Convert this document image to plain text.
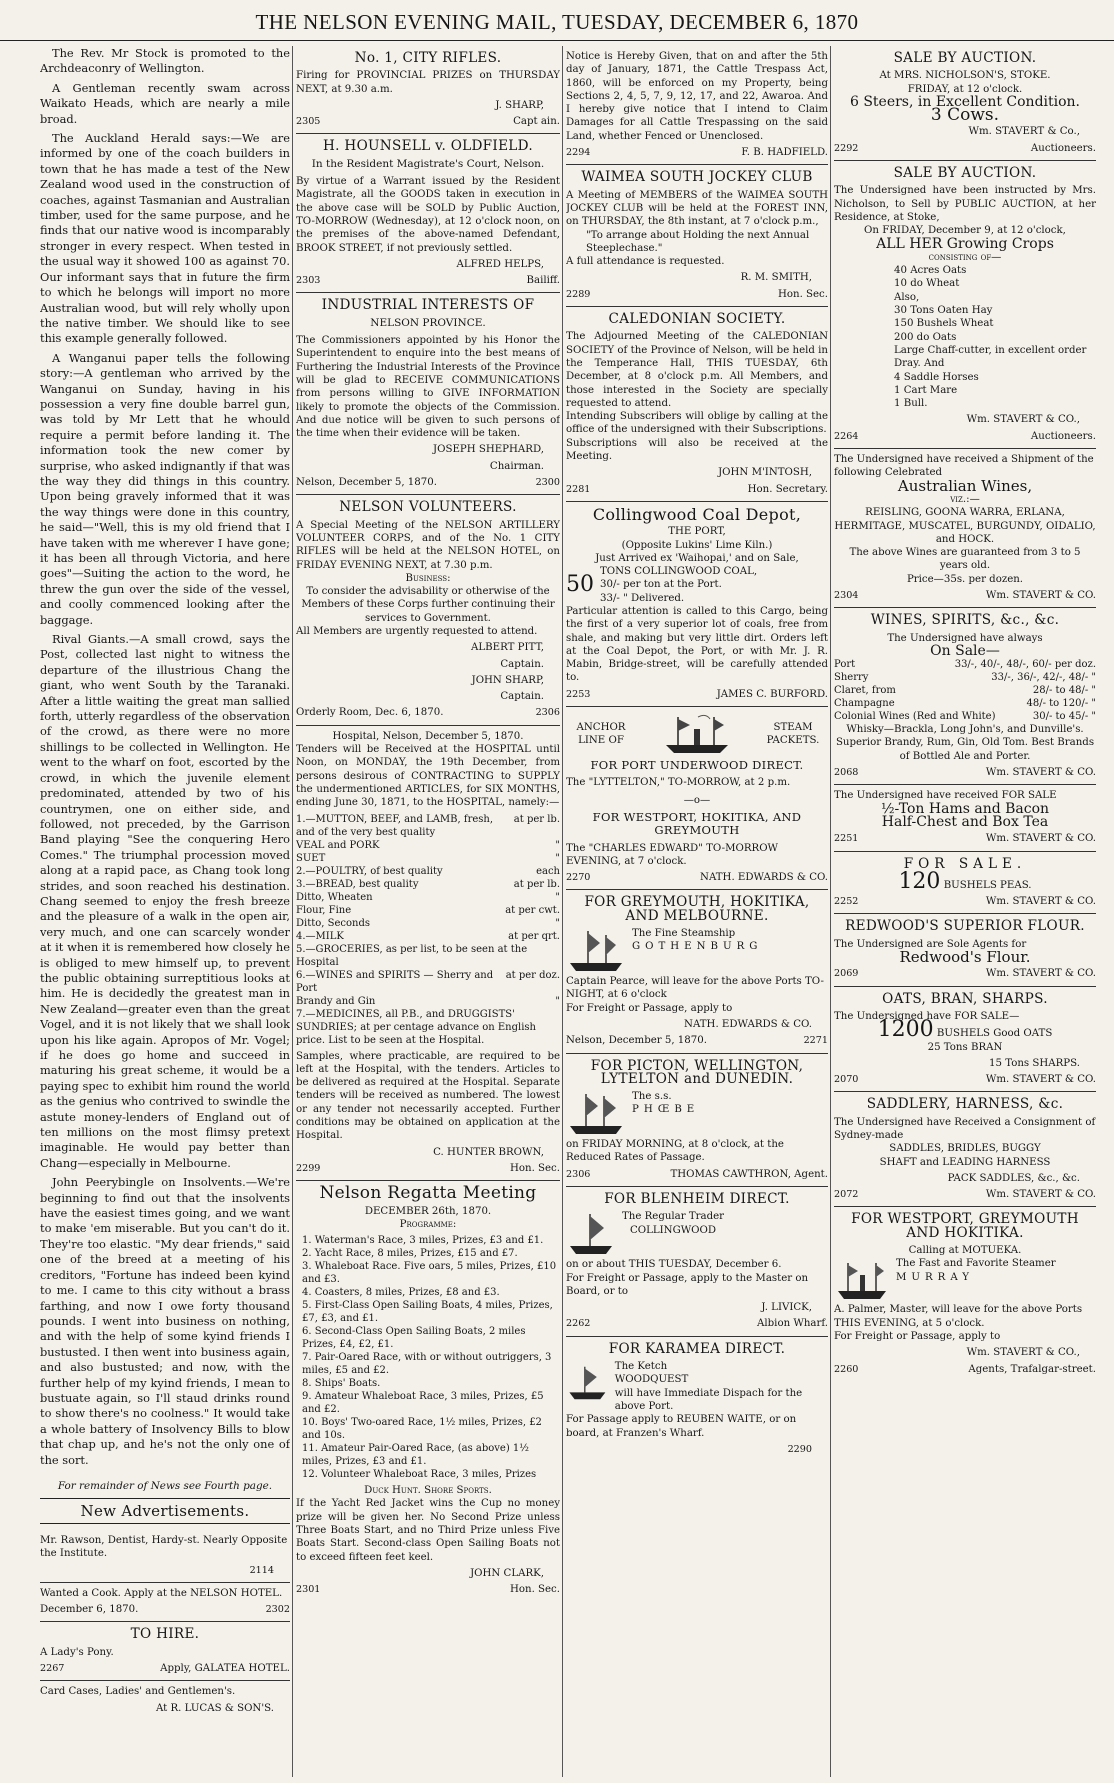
THE NELSON EVENING MAIL, TUESDAY, DECEMBER 6, 1870

The Rev. Mr Stock is promoted to the Archdeaconry of Wellington.

A Gentleman recently swam across Waikato Heads, which are nearly a mile broad.

The Auckland Herald says:—We are informed by one of the coach builders in town that he has made a test of the New Zealand wood used in the construction of coaches, against Tasmanian and Australian timber, used for the same purpose, and he finds that our native wood is incomparably stronger in every respect. When tested in the usual way it showed 100 as against 70. Our informant says that in future the firm to which he belongs will import no more Australian wood, but will rely wholly upon the native timber. We should like to see this example generally followed.

A Wanganui paper tells the following story:—A gentleman who arrived by the Wanganui on Sunday, having in his possession a very fine double barrel gun, was told by Mr Lett that he whould require a permit before landing it. The information took the new comer by surprise, who asked indignantly if that was the way they did things in this country. Upon being gravely informed that it was the way things were done in this country, he said—"Well, this is my old friend that I have taken with me wherever I have gone; it has been all through Victoria, and here goes"—Suiting the action to the word, he threw the gun over the side of the vessel, and coolly commenced looking after the baggage.

Rival Giants.—A small crowd, says the Post, collected last night to witness the departure of the illustrious Chang the giant, who went South by the Taranaki. After a little waiting the great man sallied forth, utterly regardless of the observation of the crowd, as there were no more shillings to be collected in Wellington. He went to the wharf on foot, escorted by the crowd, in which the juvenile element predominated, attended by two of his countrymen, one on either side, and followed, not preceded, by the Garrison Band playing "See the conquering Hero Comes." The triumphal procession moved along at a rapid pace, as Chang took long strides, and soon reached his destination. Chang seemed to enjoy the fresh breeze and the pleasure of a walk in the open air, very much, and one can scarcely wonder at it when it is remembered how closely he is obliged to mew himself up, to prevent the public obtaining surreptitious looks at him. He is decidedly the greatest man in New Zealand—greater even than the great Vogel, and it is not likely that we shall look upon his like again. Apropos of Mr. Vogel; if he does go home and succeed in maturing his great scheme, it would be a paying spec to exhibit him round the world as the genius who contrived to swindle the astute money-lenders of England out of ten millions on the most flimsy pretext imaginable. He would pay better than Chang—especially in Melbourne.

John Peerybingle on Insolvents.—We're beginning to find out that the insolvents have the easiest times going, and we want to make 'em miserable. But you can't do it. They're too elastic. "My dear friends," said one of the breed at a meeting of his creditors, "Fortune has indeed been kyind to me. I came to this city without a brass farthing, and now I owe forty thousand pounds. I went into business on nothing, and with the help of some kyind friends I bustusted. I then went into business again, and also bustusted; and now, with the further help of my kyind friends, I mean to bustuate again, so I'll staud drinks round to show there's no coolness." It would take a whole battery of Insolvency Bills to blow that chap up, and he's not the only one of the sort.

For remainder of News see Fourth page.

New Advertisements.
Mr. Rawson, Dentist, Hardy-st. Nearly Opposite the Institute.
2114
Wanted a Cook. Apply at the NELSON HOTEL.
December 6, 1870.	2302
TO HIRE.
A Lady's Pony.
2267	Apply, GALATEA HOTEL.
Card Cases, Ladies' and Gentlemen's.
At R. LUCAS & SON'S.
No. 1, CITY RIFLES.
Firing for PROVINCIAL PRIZES on THURSDAY NEXT, at 9.30 a.m.
J. SHARP,
2305	Capt ain.
H. HOUNSELL v. OLDFIELD.
In the Resident Magistrate's Court, Nelson.
By virtue of a Warrant issued by the Resident Magistrate, all the GOODS taken in execution in the above case will be SOLD by Public Auction, TO-MORROW (Wednesday), at 12 o'clock noon, on the premises of the above-named Defendant, BROOK STREET, if not previously settled.
ALFRED HELPS,
2303	Bailiff.
INDUSTRIAL INTERESTS OF
NELSON PROVINCE.
The Commissioners appointed by his Honor the Superintendent to enquire into the best means of Furthering the Industrial Interests of the Province will be glad to RECEIVE COMMUNICATIONS from persons willing to GIVE INFORMATION likely to promote the objects of the Commission. And due notice will be given to such persons of the time when their evidence will be taken.
JOSEPH SHEPHARD,
Chairman.
Nelson, December 5, 1870.	2300
NELSON VOLUNTEERS.
A Special Meeting of the NELSON ARTILLERY VOLUNTEER CORPS, and of the No. 1 CITY RIFLES will be held at the NELSON HOTEL, on FRIDAY EVENING NEXT, at 7.30 p.m.
Business:
To consider the advisability or otherwise of the Members of these Corps further continuing their services to Government.
All Members are urgently requested to attend.
ALBERT PITT,
Captain.
JOHN SHARP,
Captain.
Orderly Room, Dec. 6, 1870.	2306
Hospital, Nelson, December 5, 1870.
Tenders will be Received at the HOSPITAL until Noon, on MONDAY, the 19th December, from persons desirous of CONTRACTING to SUPPLY the undermentioned ARTICLES, for SIX MONTHS, ending June 30, 1871, to the HOSPITAL, namely:—
1.—MUTTON, BEEF, and LAMB, fresh, and of the very best quality
at per lb.
VEAL and PORK	"
SUET	"
2.—POULTRY, of best quality	each
3.—BREAD, best quality	at per lb.
Ditto, Wheaten	"
Flour, Fine	at per cwt.
Ditto, Seconds	"
4.—MILK	at per qrt.
5.—GROCERIES, as per list, to be seen at the Hospital
6.—WINES and SPIRITS — Sherry and Port
at per doz.
Brandy and Gin	"
7.—MEDICINES, all P.B., and DRUGGISTS' SUNDRIES; at per centage advance on English price. List to be seen at the Hospital.
Samples, where practicable, are required to be left at the Hospital, with the tenders. Articles to be delivered as required at the Hospital. Separate tenders will be received as numbered. The lowest or any tender not necessarily accepted. Further conditions may be obtained on application at the Hospital.
C. HUNTER BROWN,
2299	Hon. Sec.
Nelson Regatta Meeting
DECEMBER 26th, 1870.
Programme:
1. Waterman's Race, 3 miles, Prizes, £3 and £1.
2. Yacht Race, 8 miles, Prizes, £15 and £7.
3. Whaleboat Race. Five oars, 5 miles, Prizes, £10 and £3.
4. Coasters, 8 miles, Prizes, £8 and £3.
5. First-Class Open Sailing Boats, 4 miles, Prizes, £7, £3, and £1.
6. Second-Class Open Sailing Boats, 2 miles Prizes, £4, £2, £1.
7. Pair-Oared Race, with or without outriggers, 3 miles, £5 and £2.
8. Ships' Boats.
9. Amateur Whaleboat Race, 3 miles, Prizes, £5 and £2.
10. Boys' Two-oared Race, 1½ miles, Prizes, £2 and 10s.
11. Amateur Pair-Oared Race, (as above) 1½ miles, Prizes, £3 and £1.
12. Volunteer Whaleboat Race, 3 miles, Prizes
Duck Hunt. Shore Sports.
If the Yacht Red Jacket wins the Cup no money prize will be given her. No Second Prize unless Three Boats Start, and no Third Prize unless Five Boats Start. Second-class Open Sailing Boats not to exceed fifteen feet keel.
JOHN CLARK,
2301	Hon. Sec.
Notice is Hereby Given, that on and after the 5th day of January, 1871, the Cattle Trespass Act, 1860, will be enforced on my Property, being Sections 2, 4, 5, 7, 9, 12, 17, and 22, Awaroa. And I hereby give notice that I intend to Claim Damages for all Cattle Trespassing on the said Land, whether Fenced or Unenclosed.
2294	F. B. HADFIELD.
WAIMEA SOUTH JOCKEY CLUB
A Meeting of MEMBERS of the WAIMEA SOUTH JOCKEY CLUB will be held at the FOREST INN, on THURSDAY, the 8th instant, at 7 o'clock p.m.,
"To arrange about Holding the next Annual Steeplechase."
A full attendance is requested.
R. M. SMITH,
2289	Hon. Sec.
CALEDONIAN SOCIETY.
The Adjourned Meeting of the CALEDONIAN SOCIETY of the Province of Nelson, will be held in the Temperance Hall, THIS TUESDAY, 6th December, at 8 o'clock p.m. All Members, and those interested in the Society are specially requested to attend.
Intending Subscribers will oblige by calling at the office of the undersigned with their Subscriptions.
Subscriptions will also be received at the Meeting.
JOHN M'INTOSH,
2281	Hon. Secretary.
Collingwood Coal Depot,
THE PORT,
(Opposite Lukins' Lime Kiln.)
Just Arrived ex 'Waihopai,' and on Sale,
50
TONS COLLINGWOOD COAL,
30/- per ton at the Port.
33/- " Delivered.
Particular attention is called to this Cargo, being the first of a very superior lot of coals, free from shale, and making but very little dirt. Orders left at the Coal Depot, the Port, or with Mr. J. R. Mabin, Bridge-street, will be carefully attended to.
2253	JAMES C. BURFORD.
ANCHOR LINE OF
STEAM PACKETS.
FOR PORT UNDERWOOD DIRECT.
The "LYTTELTON," TO-MORROW, at 2 p.m.
—o—
FOR WESTPORT, HOKITIKA, AND GREYMOUTH
The "CHARLES EDWARD" TO-MORROW EVENING, at 7 o'clock.
2270	NATH. EDWARDS & CO.
FOR GREYMOUTH, HOKITIKA, AND MELBOURNE.
The Fine Steamship
GOTHENBURG
Captain Pearce, will leave for the above Ports TO-NIGHT, at 6 o'clock
For Freight or Passage, apply to
NATH. EDWARDS & CO.
Nelson, December 5, 1870.	2271
FOR PICTON, WELLINGTON, LYTELTON and DUNEDIN.
The s.s.
PHŒBE
on FRIDAY MORNING, at 8 o'clock, at the Reduced Rates of Passage.
2306	THOMAS CAWTHRON, Agent.
FOR BLENHEIM DIRECT.
The Regular Trader
COLLINGWOOD
on or about THIS TUESDAY, December 6.
For Freight or Passage, apply to the Master on Board, or to
J. LIVICK,
2262	Albion Wharf.
FOR KARAMEA DIRECT.
The Ketch
WOODQUEST
will have Immediate Dispach for the above Port.
For Passage apply to REUBEN WAITE, or on board, at Franzen's Wharf.
2290
SALE BY AUCTION.
At MRS. NICHOLSON'S, STOKE.
FRIDAY, at 12 o'clock.
6 Steers, in Excellent Condition.
3 Cows.
Wm. STAVERT & Co.,
2292	Auctioneers.
SALE BY AUCTION.
The Undersigned have been instructed by Mrs. Nicholson, to Sell by PUBLIC AUCTION, at her Residence, at Stoke,
On FRIDAY, December 9, at 12 o'clock,
ALL HER Growing Crops
consisting of—
40 Acres Oats
10 do Wheat
Also,
30 Tons Oaten Hay
150 Bushels Wheat
200 do Oats
Large Chaff-cutter, in excellent order
Dray. And
4 Saddle Horses
1 Cart Mare
1 Bull.
Wm. STAVERT & CO.,
2264	Auctioneers.
The Undersigned have received a Shipment of the following Celebrated
Australian Wines,
viz.:—
REISLING, GOONA WARRA, ERLANA, HERMITAGE, MUSCATEL, BURGUNDY, OIDALIO, and HOCK.
The above Wines are guaranteed from 3 to 5 years old.
Price—35s. per dozen.
2304	Wm. STAVERT & CO.
WINES, SPIRITS, &c., &c.
The Undersigned have always
On Sale—
Port	33/-, 40/-, 48/-, 60/- per doz.
Sherry	33/-, 36/-, 42/-, 48/- "
Claret, from	28/- to 48/- "
Champagne	48/- to 120/- "
Colonial Wines (Red and White)	30/- to 45/- "
Whisky—Brackla, Long John's, and Dunville's. Superior Brandy, Rum, Gin, Old Tom. Best Brands of Bottled Ale and Porter.
2068	Wm. STAVERT & CO.
The Undersigned have received FOR SALE
½-Ton Hams and Bacon
Half-Chest and Box Tea
2251	Wm. STAVERT & CO.
FOR SALE.
120 BUSHELS PEAS.
2252	Wm. STAVERT & CO.
REDWOOD'S SUPERIOR FLOUR.
The Undersigned are Sole Agents for
Redwood's Flour.
2069	Wm. STAVERT & CO.
OATS, BRAN, SHARPS.
The Undersigned have FOR SALE—
1200 BUSHELS Good OATS
25 Tons BRAN
15 Tons SHARPS.
2070	Wm. STAVERT & CO.
SADDLERY, HARNESS, &c.
The Undersigned have Received a Consignment of Sydney-made
SADDLES, BRIDLES, BUGGY
SHAFT and LEADING HARNESS
PACK SADDLES, &c., &c.
2072	Wm. STAVERT & CO.
FOR WESTPORT, GREYMOUTH AND HOKITIKA.
Calling at MOTUEKA.
The Fast and Favorite Steamer
MURRAY
A. Palmer, Master, will leave for the above Ports THIS EVENING, at 5 o'clock.
For Freight or Passage, apply to
Wm. STAVERT & CO.,
2260	Agents, Trafalgar-street.
